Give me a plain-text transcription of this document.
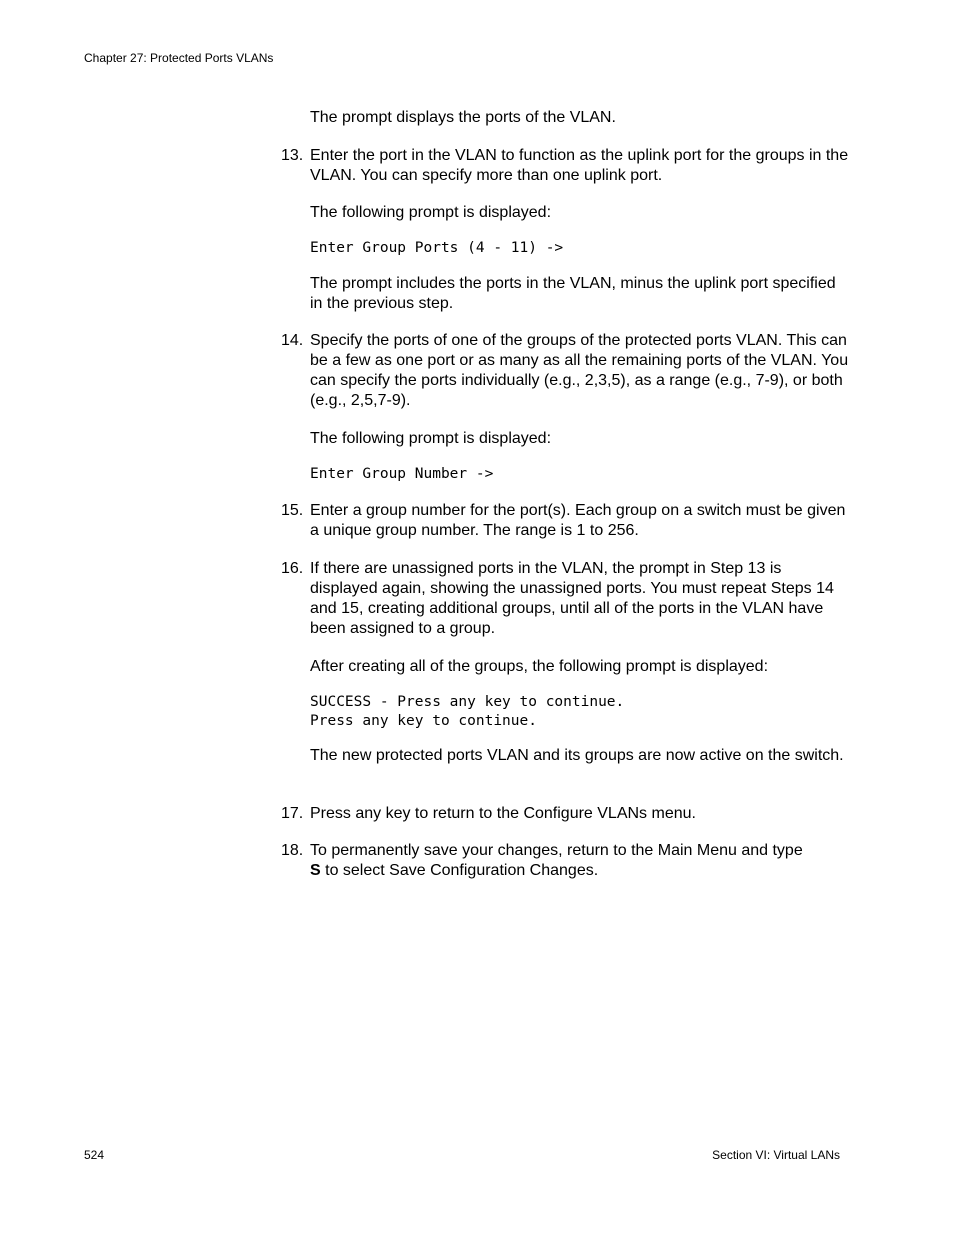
Chapter 27: Protected Ports VLANs
The prompt displays the ports of the VLAN.
13. Enter the port in the VLAN to function as the uplink port for the groups in the VLAN. You can specify more than one uplink port.
The following prompt is displayed:
Enter Group Ports (4 - 11) ->
The prompt includes the ports in the VLAN, minus the uplink port specified in the previous step.
14. Specify the ports of one of the groups of the protected ports VLAN. This can be a few as one port or as many as all the remaining ports of the VLAN. You can specify the ports individually (e.g., 2,3,5), as a range (e.g., 7-9), or both (e.g., 2,5,7-9).
The following prompt is displayed:
Enter Group Number ->
15. Enter a group number for the port(s). Each group on a switch must be given a unique group number. The range is 1 to 256.
16. If there are unassigned ports in the VLAN, the prompt in Step 13 is displayed again, showing the unassigned ports. You must repeat Steps 14 and 15, creating additional groups, until all of the ports in the VLAN have been assigned to a group.
After creating all of the groups, the following prompt is displayed:
SUCCESS - Press any key to continue.
Press any key to continue.
The new protected ports VLAN and its groups are now active on the switch.
17. Press any key to return to the Configure VLANs menu.
18. To permanently save your changes, return to the Main Menu and type
S to select Save Configuration Changes.
524	Section VI: Virtual LANs
